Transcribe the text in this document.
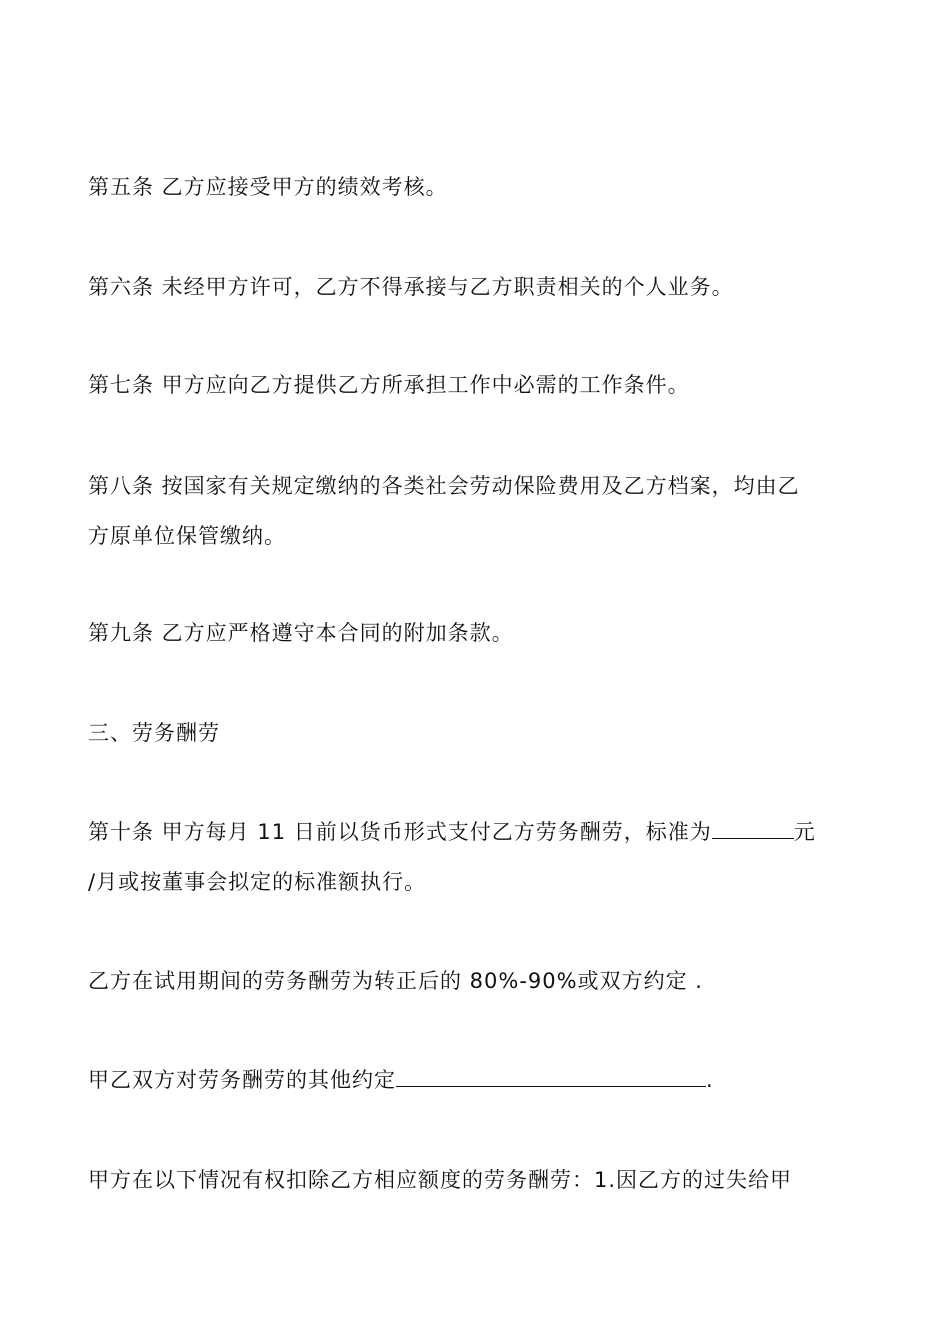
第五条 乙方应接受甲方的绩效考核。
第六条 未经甲方许可，乙方不得承接与乙方职责相关的个人业务。
第七条 甲方应向乙方提供乙方所承担工作中必需的工作条件。
第八条 按国家有关规定缴纳的各类社会劳动保险费用及乙方档案，均由乙
方原单位保管缴纳。
第九条 乙方应严格遵守本合同的附加条款。
三、劳务酬劳
第十条 甲方每月 11 日前以货币形式支付乙方劳务酬劳，标准为	元
/月或按董事会拟定的标准额执行。
乙方在试用期间的劳务酬劳为转正后的 80%-90%或双方约定 .
甲乙双方对劳务酬劳的其他约定	.
甲方在以下情况有权扣除乙方相应额度的劳务酬劳：1.因乙方的过失给甲
